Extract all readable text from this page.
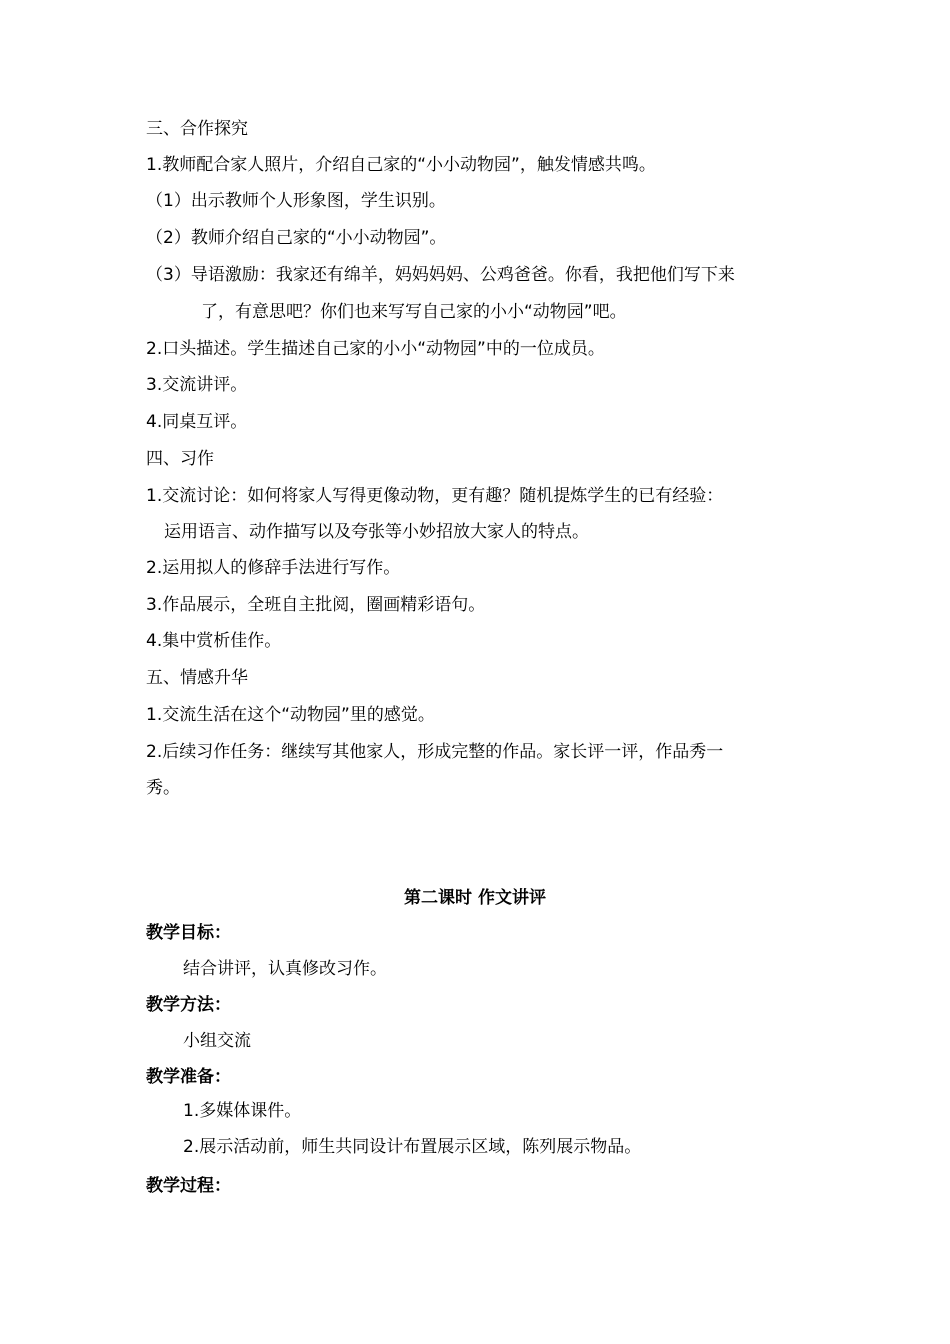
三、合作探究
1.教师配合家人照片，介绍自己家的“小小动物园”，触发情感共鸣。
（1）出示教师个人形象图，学生识别。
（2）教师介绍自己家的“小小动物园”。
（3）导语激励：我家还有绵羊，妈妈妈妈、公鸡爸爸。你看，我把他们写下来
了，有意思吧？你们也来写写自己家的小小“动物园”吧。
2.口头描述。学生描述自己家的小小“动物园”中的一位成员。
3.交流讲评。
4.同桌互评。
四、习作
1.交流讨论：如何将家人写得更像动物，更有趣？随机提炼学生的已有经验：
运用语言、动作描写以及夸张等小妙招放大家人的特点。
2.运用拟人的修辞手法进行写作。
3.作品展示，全班自主批阅，圈画精彩语句。
4.集中赏析佳作。
五、情感升华
1.交流生活在这个“动物园”里的感觉。
2.后续习作任务：继续写其他家人，形成完整的作品。家长评一评，作品秀一
秀。
第二课时 作文讲评
教学目标：
结合讲评，认真修改习作。
教学方法：
小组交流
教学准备：
1.多媒体课件。
2.展示活动前，师生共同设计布置展示区域，陈列展示物品。
教学过程：
